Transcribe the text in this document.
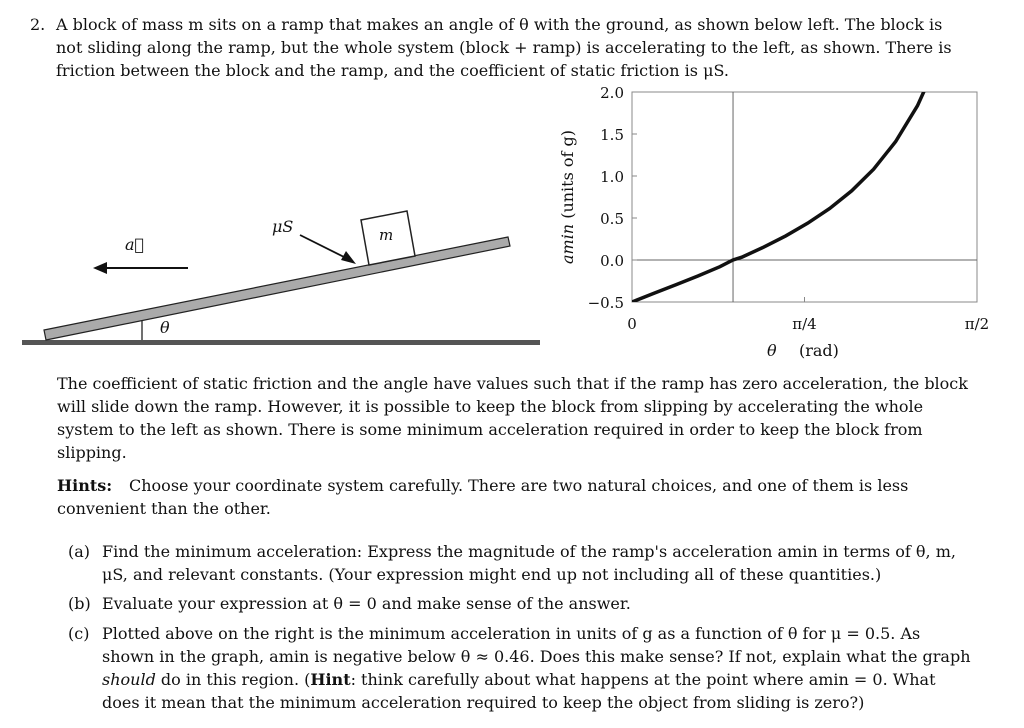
2. A block of mass m sits on a ramp that makes an angle of θ with the ground, as shown below left. The block is
not sliding along the ramp, but the whole system (block + ramp) is accelerating to the left, as shown. There is
friction between the block and the ramp, and the coefficient of static friction is μS.
m
θ
a⃗
μS
2.0
1.5
1.0
0.5
0.0
−0.5
0	π/4	π/2
amin (units of g)
θ (rad)
The coefficient of static friction and the angle have values such that if the ramp has zero acceleration, the block
will slide down the ramp. However, it is possible to keep the block from slipping by accelerating the whole
system to the left as shown. There is some minimum acceleration required in order to keep the block from
slipping.
Hints: Choose your coordinate system carefully. There are two natural choices, and one of them is less
convenient than the other.
(a) Find the minimum acceleration: Express the magnitude of the ramp's acceleration amin in terms of θ, m,
μS, and relevant constants. (Your expression might end up not including all of these quantities.)
(b) Evaluate your expression at θ = 0 and make sense of the answer.
(c) Plotted above on the right is the minimum acceleration in units of g as a function of θ for μ = 0.5. As
shown in the graph, amin is negative below θ ≈ 0.46. Does this make sense? If not, explain what the graph
should do in this region. (Hint: think carefully about what happens at the point where amin = 0. What
does it mean that the minimum acceleration required to keep the object from sliding is zero?)
